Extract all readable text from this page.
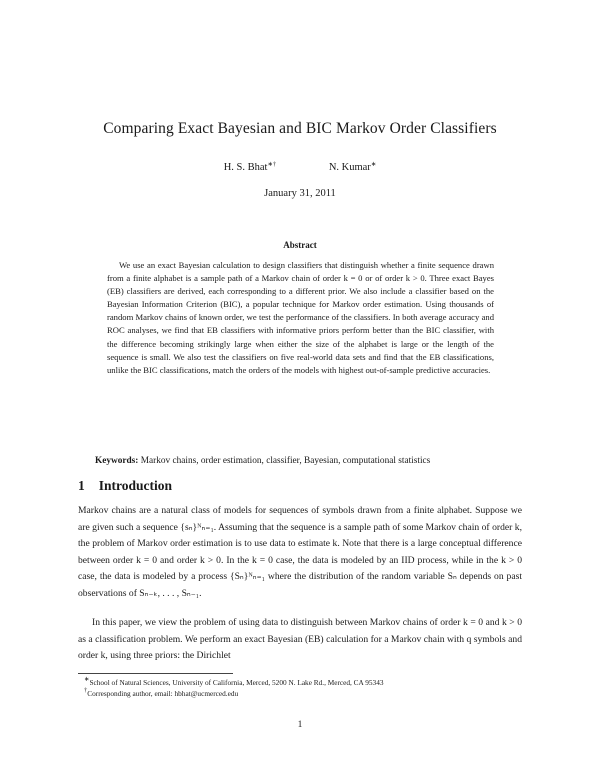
Comparing Exact Bayesian and BIC Markov Order Classifiers
H. S. Bhat∗†	N. Kumar∗
January 31, 2011
Abstract
We use an exact Bayesian calculation to design classifiers that distinguish whether a finite sequence drawn from a finite alphabet is a sample path of a Markov chain of order k = 0 or of order k > 0. Three exact Bayes (EB) classifiers are derived, each corresponding to a different prior. We also include a classifier based on the Bayesian Information Criterion (BIC), a popular technique for Markov order estimation. Using thousands of random Markov chains of known order, we test the performance of the classifiers. In both average accuracy and ROC analyses, we find that EB classifiers with informative priors perform better than the BIC classifier, with the difference becoming strikingly large when either the size of the alphabet is large or the length of the sequence is small. We also test the classifiers on five real-world data sets and find that the EB classifications, unlike the BIC classifications, match the orders of the models with highest out-of-sample predictive accuracies.
Keywords: Markov chains, order estimation, classifier, Bayesian, computational statistics
1 Introduction

Markov chains are a natural class of models for sequences of symbols drawn from a finite alphabet. Suppose we are given such a sequence {sₙ}ᴺₙ₌₁. Assuming that the sequence is a sample path of some Markov chain of order k, the problem of Markov order estimation is to use data to estimate k. Note that there is a large conceptual difference between order k = 0 and order k > 0. In the k = 0 case, the data is modeled by an IID process, while in the k > 0 case, the data is modeled by a process {Sₙ}ᴺₙ₌₁ where the distribution of the random variable Sₙ depends on past observations of Sₙ₋ₖ, . . . , Sₙ₋₁.

In this paper, we view the problem of using data to distinguish between Markov chains of order k = 0 and k > 0 as a classification problem. We perform an exact Bayesian (EB) calculation for a Markov chain with q symbols and order k, using three priors: the Dirichlet

∗School of Natural Sciences, University of California, Merced, 5200 N. Lake Rd., Merced, CA 95343
†Corresponding author, email: hbhat@ucmerced.edu
1
